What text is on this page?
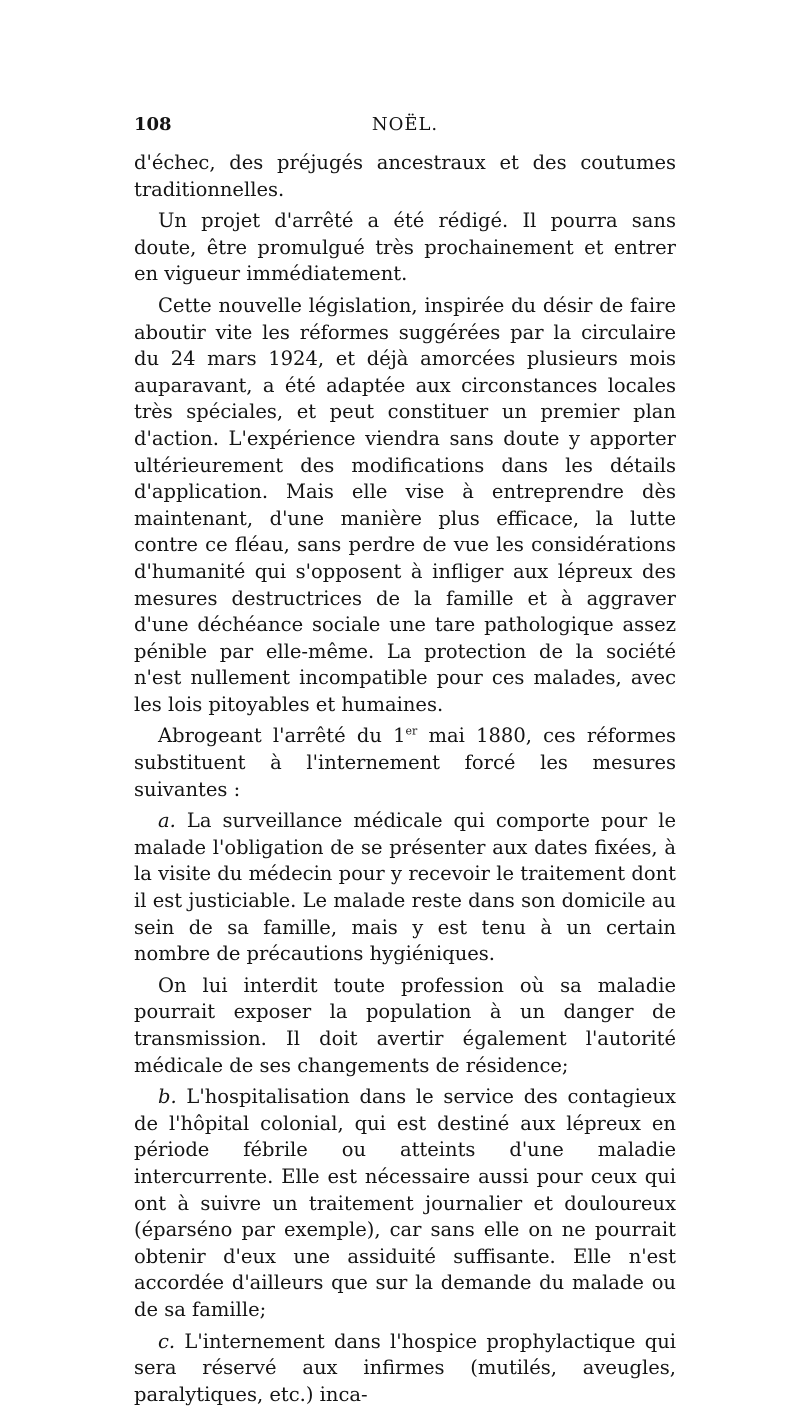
108	NOËL.

d'échec, des préjugés ancestraux et des coutumes traditionnelles.

Un projet d'arrêté a été rédigé. Il pourra sans doute, être promulgué très prochainement et entrer en vigueur immédiatement.

Cette nouvelle législation, inspirée du désir de faire aboutir vite les réformes suggérées par la circulaire du 24 mars 1924, et déjà amorcées plusieurs mois auparavant, a été adaptée aux circonstances locales très spéciales, et peut constituer un premier plan d'action. L'expérience viendra sans doute y apporter ultérieurement des modifications dans les détails d'application. Mais elle vise à entreprendre dès maintenant, d'une manière plus efficace, la lutte contre ce fléau, sans perdre de vue les considérations d'humanité qui s'opposent à infliger aux lépreux des mesures destructrices de la famille et à aggraver d'une déchéance sociale une tare pathologique assez pénible par elle-même. La protection de la société n'est nullement incompatible pour ces malades, avec les lois pitoyables et humaines.

Abrogeant l'arrêté du 1er mai 1880, ces réformes substituent à l'internement forcé les mesures suivantes :

a. La surveillance médicale qui comporte pour le malade l'obligation de se présenter aux dates fixées, à la visite du médecin pour y recevoir le traitement dont il est justiciable. Le malade reste dans son domicile au sein de sa famille, mais y est tenu à un certain nombre de précautions hygiéniques.

On lui interdit toute profession où sa maladie pourrait exposer la population à un danger de transmission. Il doit avertir également l'autorité médicale de ses changements de résidence;

b. L'hospitalisation dans le service des contagieux de l'hôpital colonial, qui est destiné aux lépreux en période fébrile ou atteints d'une maladie intercurrente. Elle est nécessaire aussi pour ceux qui ont à suivre un traitement journalier et douloureux (éparséno par exemple), car sans elle on ne pourrait obtenir d'eux une assiduité suffisante. Elle n'est accordée d'ailleurs que sur la demande du malade ou de sa famille;

c. L'internement dans l'hospice prophylactique qui sera réservé aux infirmes (mutilés, aveugles, paralytiques, etc.) inca-
